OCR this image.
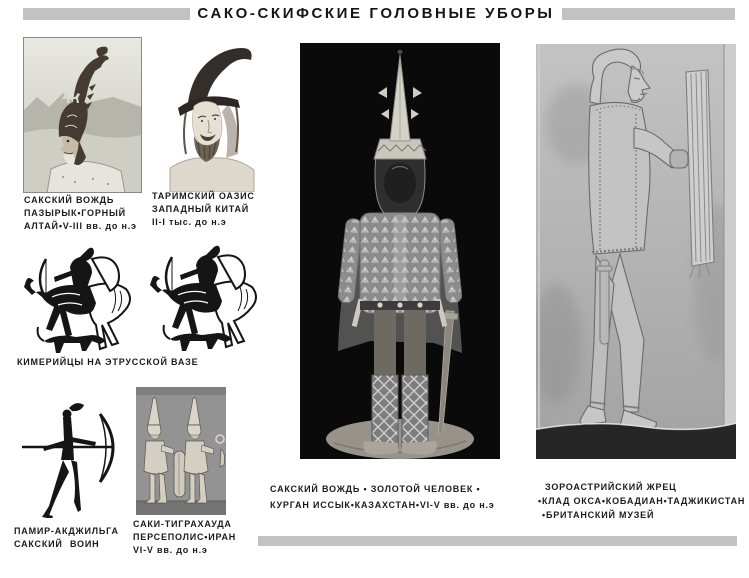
САКО-СКИФСКИЕ ГОЛОВНЫЕ УБОРЫ
САКСКИЙ ВОЖДЬ
ПАЗЫРЫК•ГОРНЫЙ
АЛТАЙ•V-III вв. до н.э
ТАРИМСКИЙ ОАЗИС
ЗАПАДНЫЙ КИТАЙ
II-I тыс. до н.э
КИМЕРИЙЦЫ НА ЭТРУССКОЙ ВАЗЕ
ПАМИР-АКДЖИЛЬГА
САКСКИЙ ВОИН
САКИ-ТИГРАХАУДА
ПЕРСЕПОЛИС•ИРАН
VI-V вв. до н.э
САКСКИЙ ВОЖДЬ • ЗОЛОТОЙ ЧЕЛОВЕК •
КУРГАН ИССЫК•КАЗАХСТАН•VI-V вв. до н.э
ЗОРОАСТРИЙСКИЙ ЖРЕЦ
•КЛАД ОКСА•КОБАДИАН•ТАДЖИКИСТАН
•БРИТАНСКИЙ МУЗЕЙ
